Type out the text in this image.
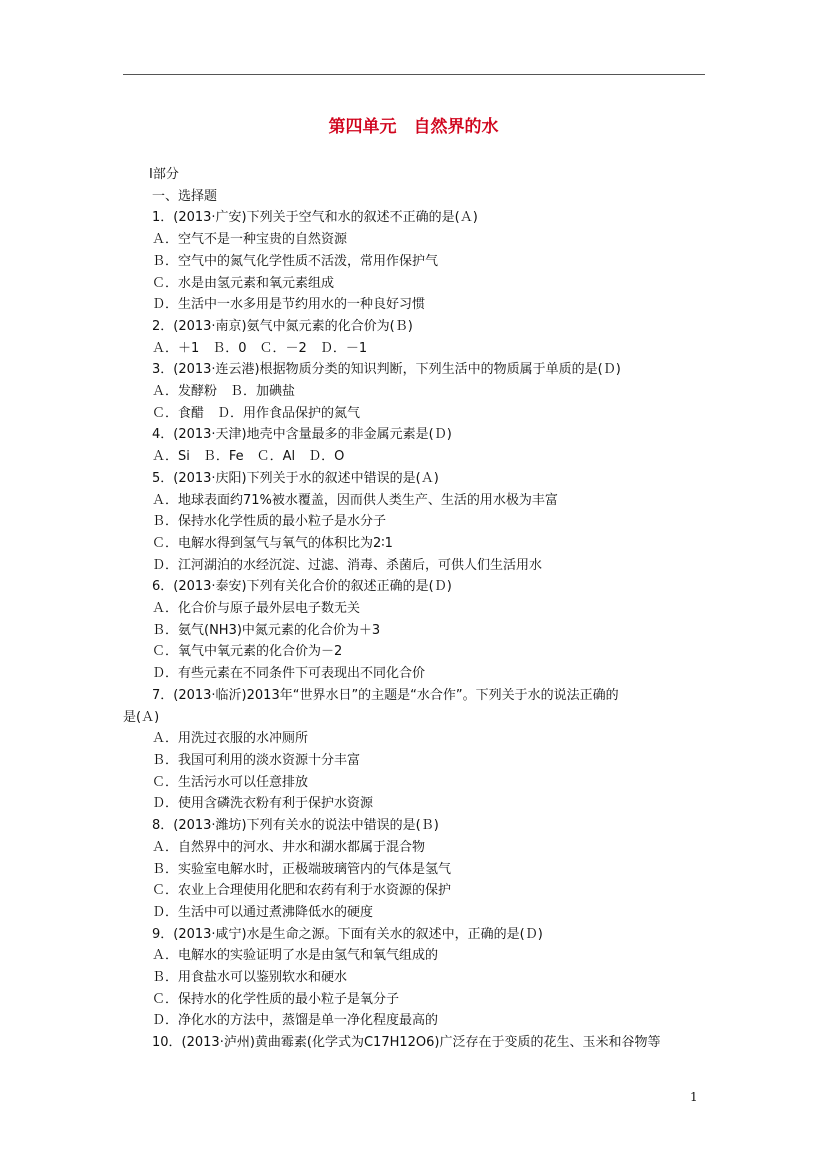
第四单元　自然界的水
Ⅰ部分
一、选择题
1．(2013·广安)下列关于空气和水的叙述不正确的是(Ａ)
Ａ．空气不是一种宝贵的自然资源
Ｂ．空气中的氮气化学性质不活泼，常用作保护气
Ｃ．水是由氢元素和氧元素组成
Ｄ．生活中一水多用是节约用水的一种良好习惯
2．(2013·南京)氨气中氮元素的化合价为(Ｂ)
Ａ．＋1　Ｂ．0　Ｃ．－2　Ｄ．－1
3．(2013·连云港)根据物质分类的知识判断，下列生活中的物质属于单质的是(Ｄ)
Ａ．发酵粉　Ｂ．加碘盐
Ｃ．食醋　Ｄ．用作食品保护的氮气
4．(2013·天津)地壳中含量最多的非金属元素是(Ｄ)
Ａ．Si　Ｂ．Fe　Ｃ．Al　Ｄ．O
5．(2013·庆阳)下列关于水的叙述中错误的是(Ａ)
Ａ．地球表面约71%被水覆盖，因而供人类生产、生活的用水极为丰富
Ｂ．保持水化学性质的最小粒子是水分子
Ｃ．电解水得到氢气与氧气的体积比为2∶1
Ｄ．江河湖泊的水经沉淀、过滤、消毒、杀菌后，可供人们生活用水
6．(2013·泰安)下列有关化合价的叙述正确的是(Ｄ)
Ａ．化合价与原子最外层电子数无关
Ｂ．氨气(NH3)中氮元素的化合价为＋3
Ｃ．氧气中氧元素的化合价为－2
Ｄ．有些元素在不同条件下可表现出不同化合价
7．(2013·临沂)2013年“世界水日”的主题是“水合作”。下列关于水的说法正确的
是(Ａ)
Ａ．用洗过衣服的水冲厕所
Ｂ．我国可利用的淡水资源十分丰富
Ｃ．生活污水可以任意排放
Ｄ．使用含磷洗衣粉有利于保护水资源
8．(2013·潍坊)下列有关水的说法中错误的是(Ｂ)
Ａ．自然界中的河水、井水和湖水都属于混合物
Ｂ．实验室电解水时，正极端玻璃管内的气体是氢气
Ｃ．农业上合理使用化肥和农药有利于水资源的保护
Ｄ．生活中可以通过煮沸降低水的硬度
9．(2013·咸宁)水是生命之源。下面有关水的叙述中，正确的是(Ｄ)
Ａ．电解水的实验证明了水是由氢气和氧气组成的
Ｂ．用食盐水可以鉴别软水和硬水
Ｃ．保持水的化学性质的最小粒子是氧分子
Ｄ．净化水的方法中，蒸馏是单一净化程度最高的
10．(2013·泸州)黄曲霉素(化学式为C17H12O6)广泛存在于变质的花生、玉米和谷物等
1
